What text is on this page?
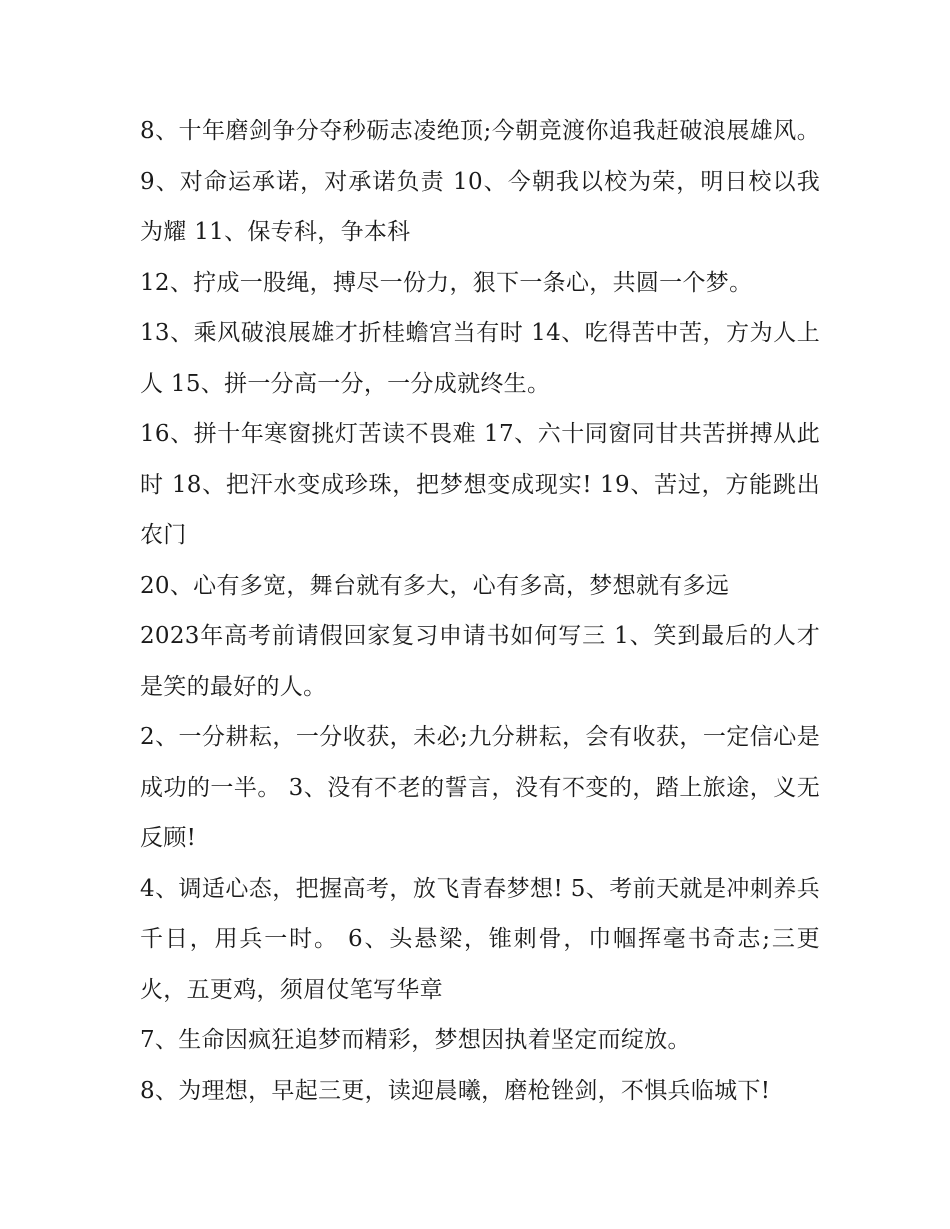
8、十年磨剑争分夺秒砺志凌绝顶;今朝竞渡你追我赶破浪展雄风。 9、对命运承诺，对承诺负责 10、今朝我以校为荣，明日校以我为耀 11、保专科，争本科

12、拧成一股绳，搏尽一份力，狠下一条心，共圆一个梦。

13、乘风破浪展雄才折桂蟾宫当有时 14、吃得苦中苦，方为人上人 15、拼一分高一分，一分成就终生。

16、拼十年寒窗挑灯苦读不畏难 17、六十同窗同甘共苦拼搏从此时 18、把汗水变成珍珠，把梦想变成现实! 19、苦过，方能跳出农门

20、心有多宽，舞台就有多大，心有多高，梦想就有多远

2023年高考前请假回家复习申请书如何写三 1、笑到最后的人才是笑的最好的人。

2、一分耕耘，一分收获，未必;九分耕耘，会有收获，一定信心是成功的一半。 3、没有不老的誓言，没有不变的，踏上旅途，义无反顾!

4、调适心态，把握高考，放飞青春梦想! 5、考前天就是冲刺养兵千日，用兵一时。 6、头悬梁，锥刺骨，巾帼挥毫书奇志;三更火，五更鸡，须眉仗笔写华章

7、生命因疯狂追梦而精彩，梦想因执着坚定而绽放。

8、为理想，早起三更，读迎晨曦，磨枪锉剑，不惧兵临城下!
